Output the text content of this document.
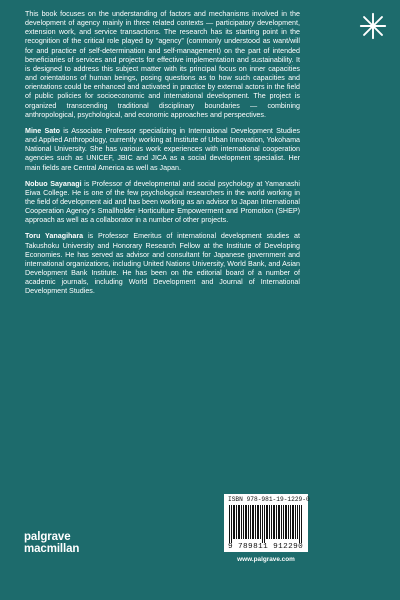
This book focuses on the understanding of factors and mechanisms involved in the development of agency mainly in three related contexts — participatory development, extension work, and service transactions. The research has its starting point in the recognition of the critical role played by “agency” (commonly understood as want/will for and practice of self-determination and self-management) on the part of intended beneficiaries of services and projects for effective implementation and sustainability. It is designed to address this subject matter with its principal focus on inner capacities and orientations of human beings, posing questions as to how such capacities and orientations could be enhanced and activated in practice by external actors in the field of public policies for socioeconomic and international development. The project is organized transcending traditional disciplinary boundaries — combining anthropological, psychological, and economic approaches and perspectives.

Mine Sato is Associate Professor specializing in International Development Studies and Applied Anthropology, currently working at Institute of Urban Innovation, Yokohama National University. She has various work experiences with international cooperation agencies such as UNICEF, JBIC and JICA as a social development specialist. Her main fields are Central America as well as Japan.

Nobuo Sayanagi is Professor of developmental and social psychology at Yamanashi Eiwa College. He is one of the few psychological researchers in the world working in the field of development aid and has been working as an advisor to Japan International Cooperation Agency’s Smallholder Horticulture Empowerment and Promotion (SHEP) approach as well as a collaborator in a number of other projects.

Toru Yanagihara is Professor Emeritus of international development studies at Takushoku University and Honorary Research Fellow at the Institute of Developing Economies. He has served as advisor and consultant for Japanese government and international organizations, including United Nations University, World Bank, and Asian Development Bank Institute. He has been on the editorial board of a number of academic journals, including World Development and Journal of International Development Studies.

ISBN 978-981-19-1229-0
9 789811 912290
www.palgrave.com
palgrave
macmillan
